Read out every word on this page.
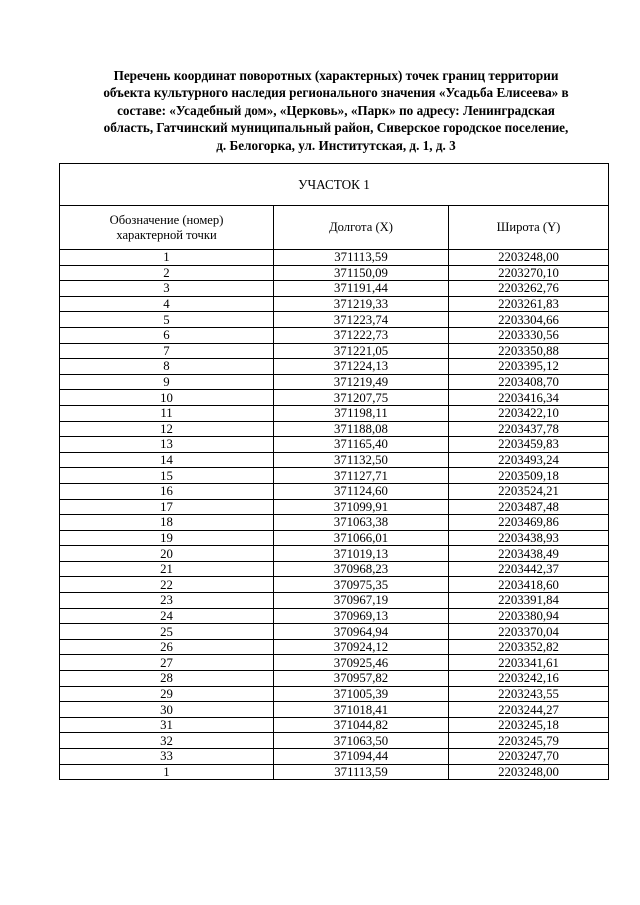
Перечень координат поворотных (характерных) точек границ территории
объекта культурного наследия регионального значения «Усадьба Елисеева» в
составе: «Усадебный дом», «Церковь», «Парк» по адресу: Ленинградская
область, Гатчинский муниципальный район, Сиверское городское поселение,
д. Белогорка, ул. Институтская, д. 1, д. 3
УЧАСТОК 1		
Обозначение (номер)
характерной точки	Долгота (X)	Широта (Y)
1	371113,59	2203248,00
2	371150,09	2203270,10
3	371191,44	2203262,76
4	371219,33	2203261,83
5	371223,74	2203304,66
6	371222,73	2203330,56
7	371221,05	2203350,88
8	371224,13	2203395,12
9	371219,49	2203408,70
10	371207,75	2203416,34
11	371198,11	2203422,10
12	371188,08	2203437,78
13	371165,40	2203459,83
14	371132,50	2203493,24
15	371127,71	2203509,18
16	371124,60	2203524,21
17	371099,91	2203487,48
18	371063,38	2203469,86
19	371066,01	2203438,93
20	371019,13	2203438,49
21	370968,23	2203442,37
22	370975,35	2203418,60
23	370967,19	2203391,84
24	370969,13	2203380,94
25	370964,94	2203370,04
26	370924,12	2203352,82
27	370925,46	2203341,61
28	370957,82	2203242,16
29	371005,39	2203243,55
30	371018,41	2203244,27
31	371044,82	2203245,18
32	371063,50	2203245,79
33	371094,44	2203247,70
1	371113,59	2203248,00
